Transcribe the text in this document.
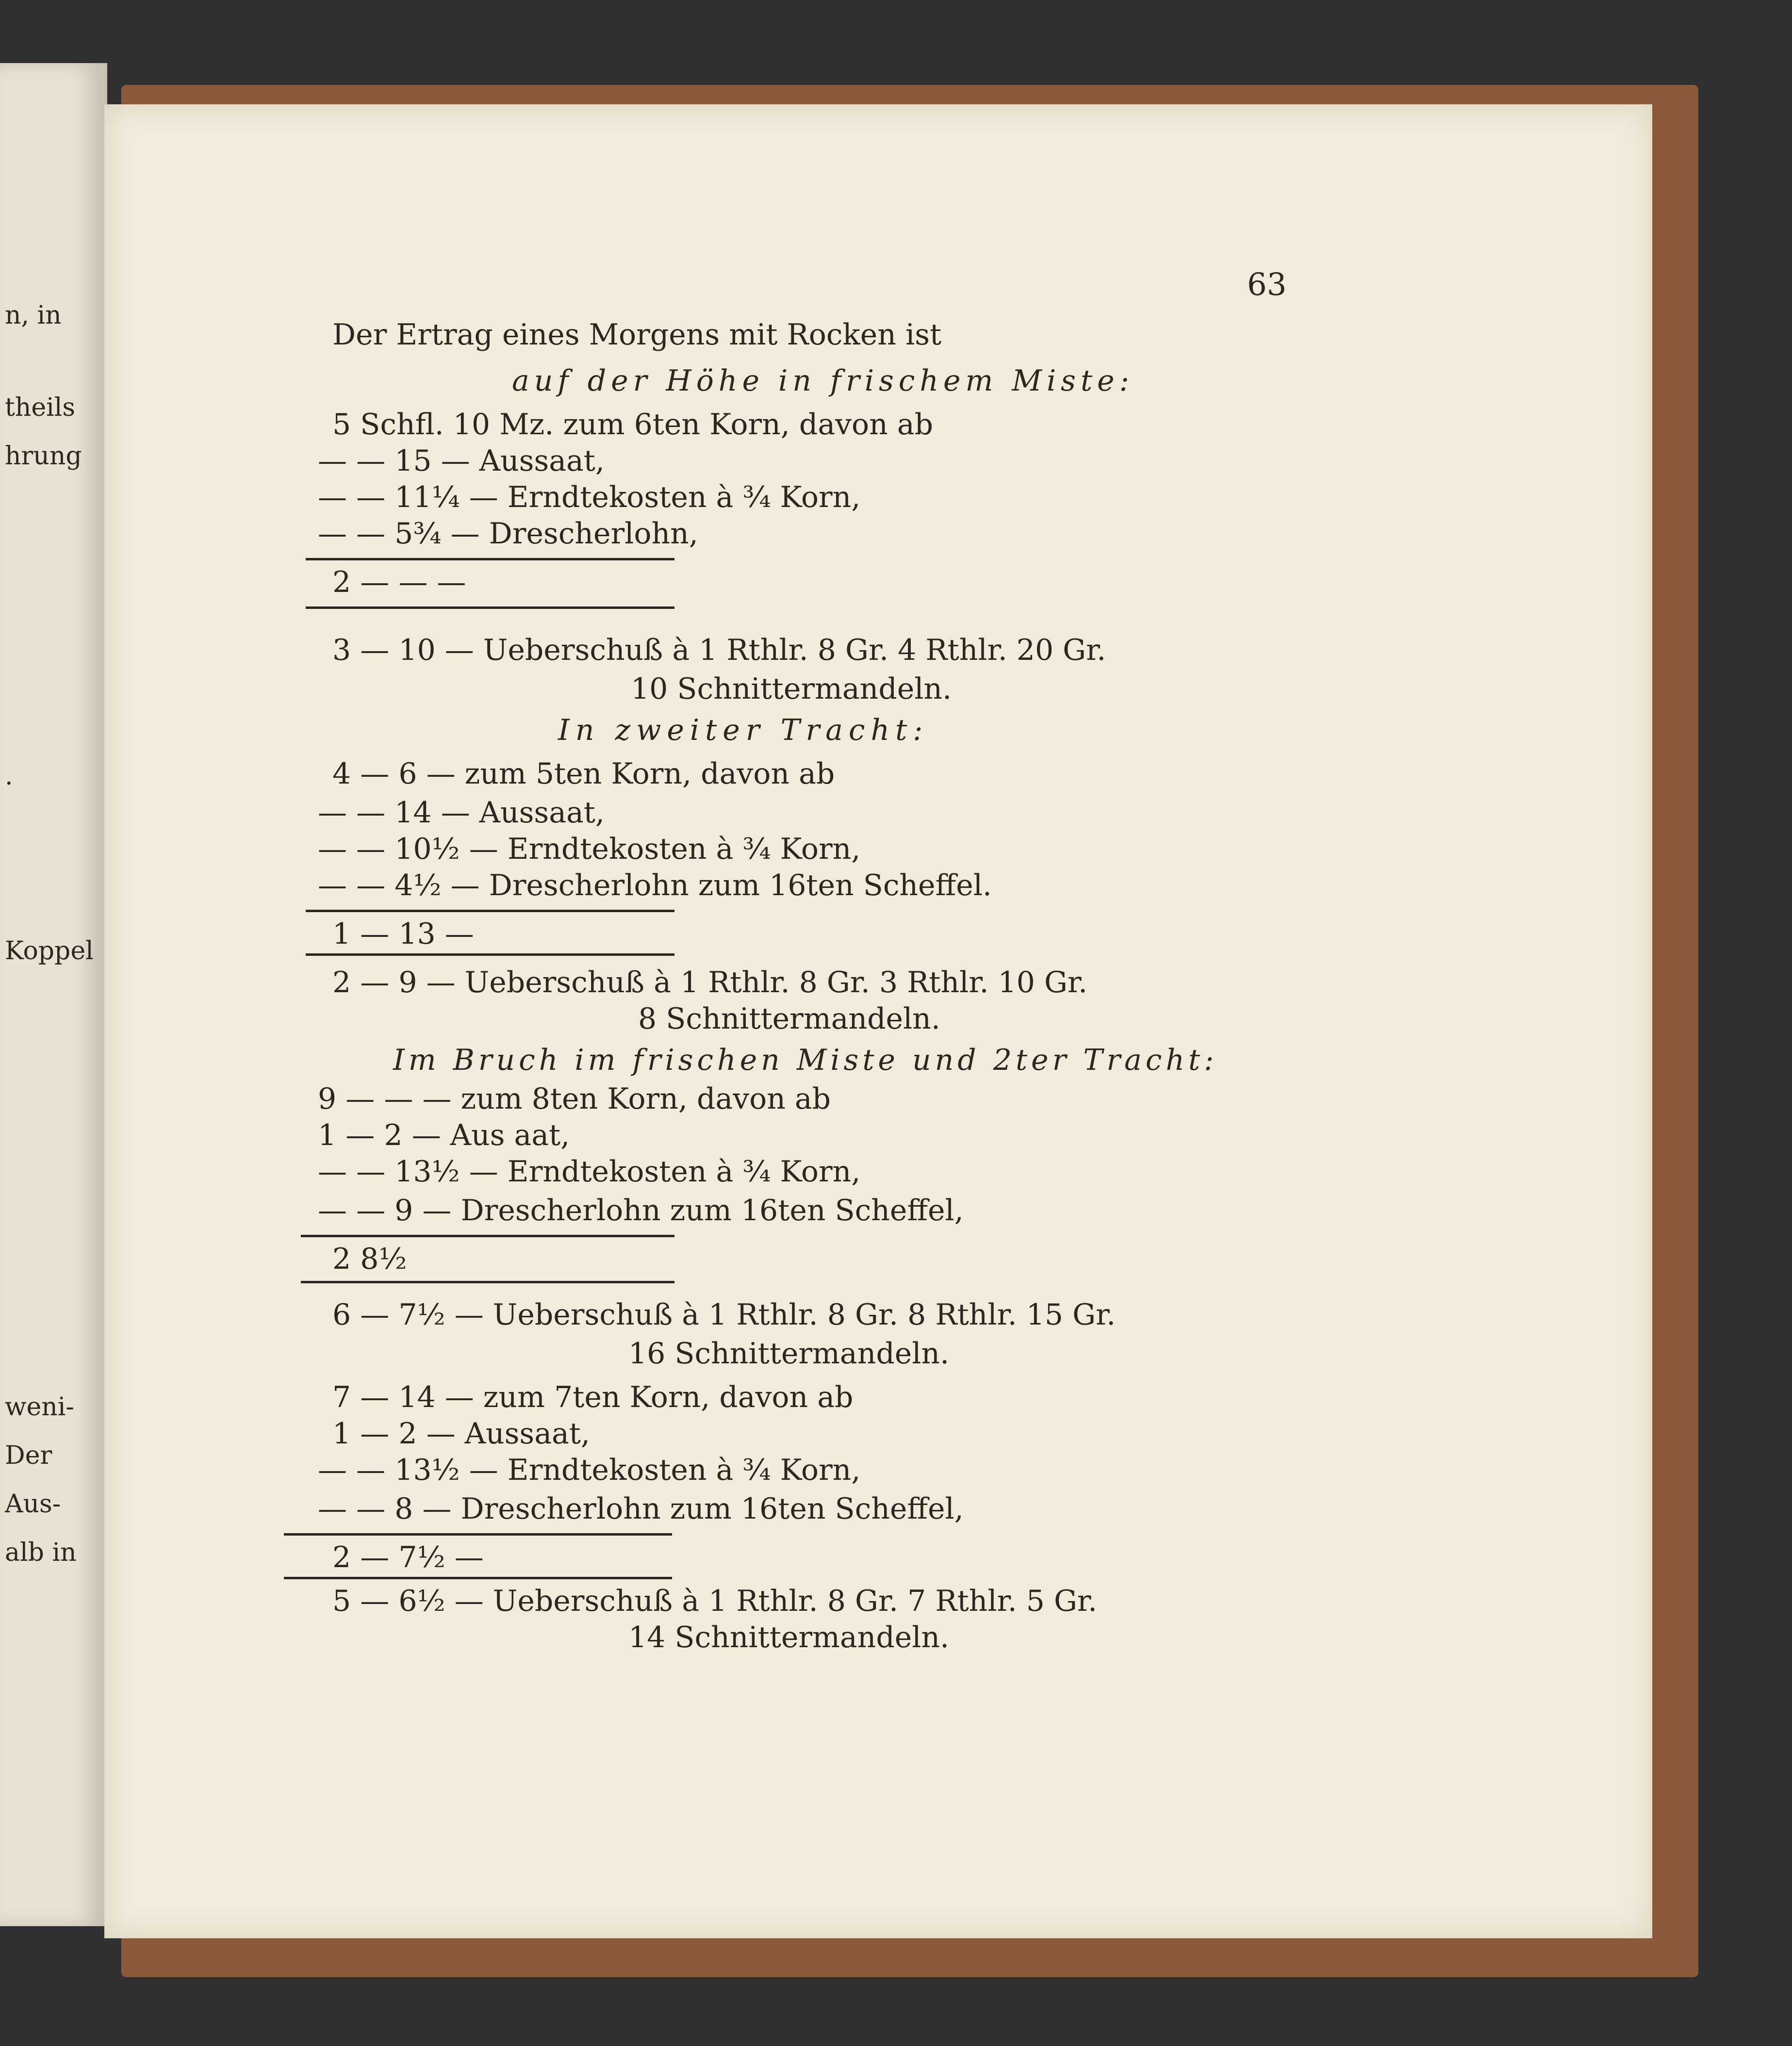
n, in
theils
hrung
.
Koppel
weni-
Der
Aus-
alb in
63
Der Ertrag eines Morgens mit Rocken ist
auf der Höhe in frischem Miste:
5 Schfl. 10 Mz. zum 6ten Korn, davon ab
— — 15 — Aussaat,
— — 11¼ — Erndtekosten à ¾ Korn,
— — 5¾ — Drescherlohn,
2 — — —
3 — 10 — Ueberschuß à 1 Rthlr. 8 Gr. 4 Rthlr. 20 Gr.
10 Schnittermandeln.
In zweiter Tracht:
4 — 6 — zum 5ten Korn, davon ab
— — 14 — Aussaat,
— — 10½ — Erndtekosten à ¾ Korn,
— — 4½ — Drescherlohn zum 16ten Scheffel.
1 — 13 —
2 — 9 — Ueberschuß à 1 Rthlr. 8 Gr. 3 Rthlr. 10 Gr.
8 Schnittermandeln.
Im Bruch im frischen Miste und 2ter Tracht:
9 — — — zum 8ten Korn, davon ab
1 — 2 — Aus aat,
— — 13½ — Erndtekosten à ¾ Korn,
— — 9 — Drescherlohn zum 16ten Scheffel,
2 8½
6 — 7½ — Ueberschuß à 1 Rthlr. 8 Gr. 8 Rthlr. 15 Gr.
16 Schnittermandeln.
7 — 14 — zum 7ten Korn, davon ab
1 — 2 — Aussaat,
— — 13½ — Erndtekosten à ¾ Korn,
— — 8 — Drescherlohn zum 16ten Scheffel,
2 — 7½ —
5 — 6½ — Ueberschuß à 1 Rthlr. 8 Gr. 7 Rthlr. 5 Gr.
14 Schnittermandeln.
